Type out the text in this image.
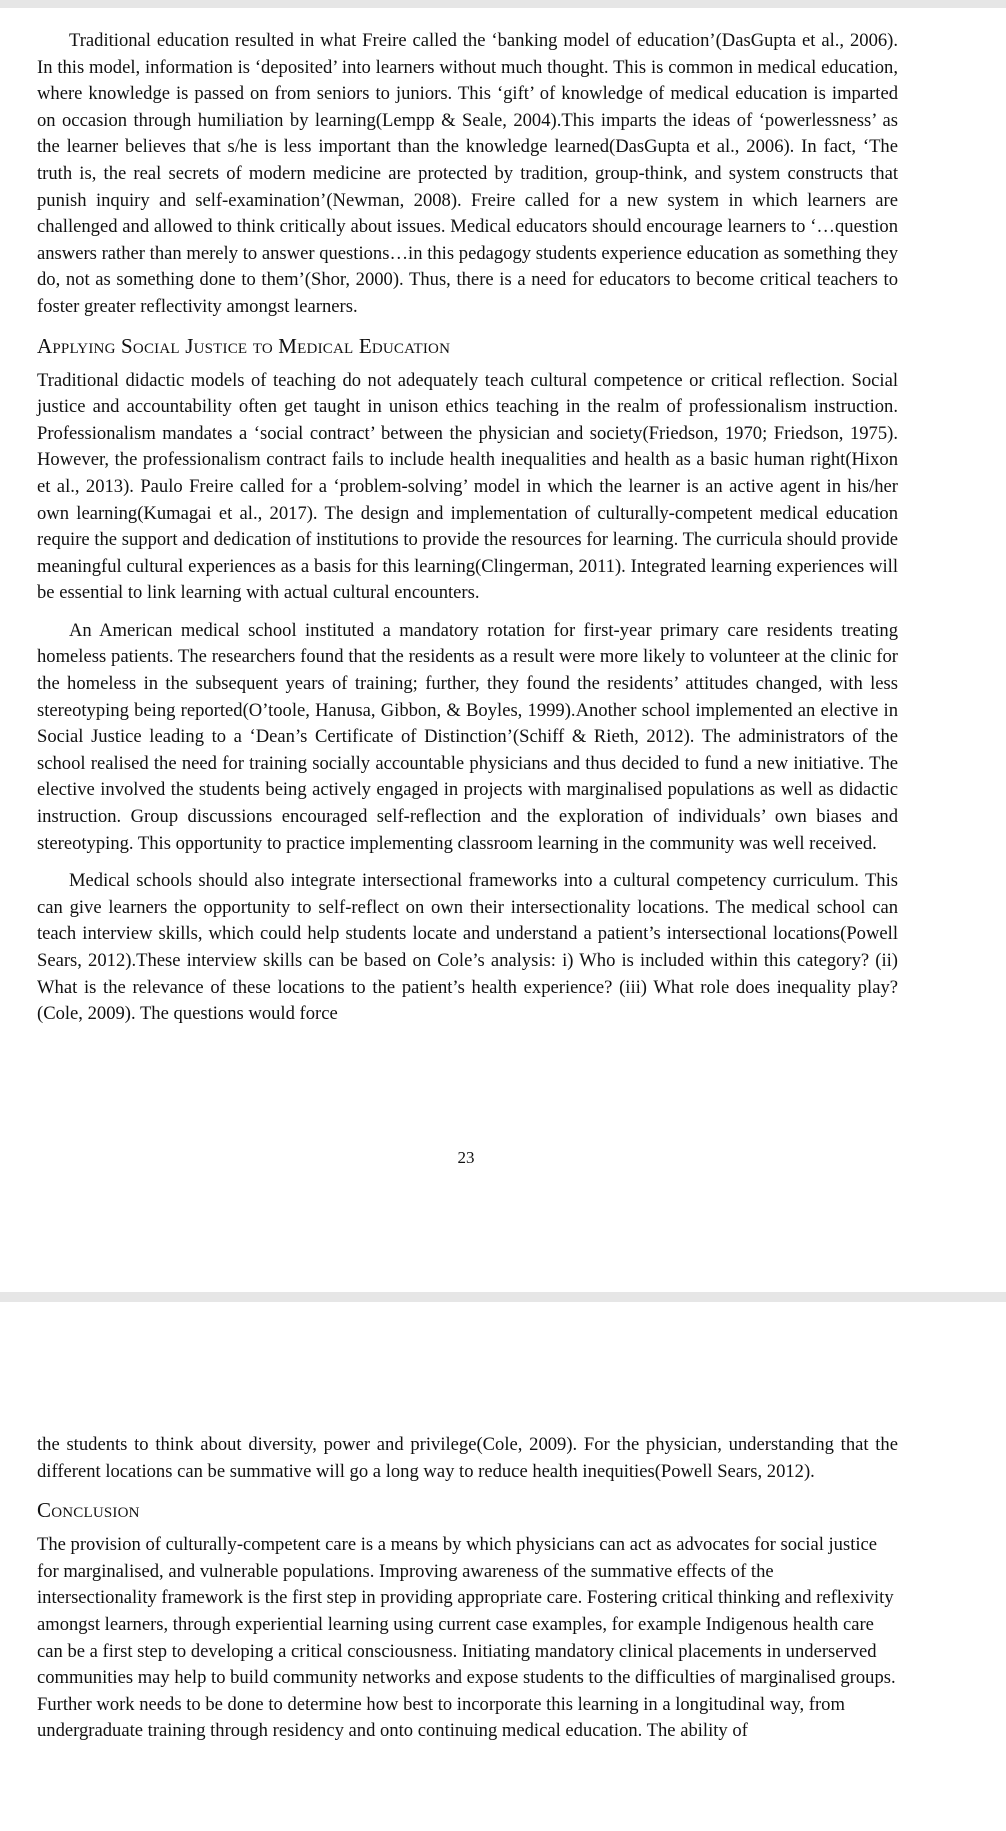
Traditional education resulted in what Freire called the ‘banking model of education’(DasGupta et al., 2006). In this model, information is ‘deposited’ into learners without much thought. This is common in medical education, where knowledge is passed on from seniors to juniors. This ‘gift’ of knowledge of medical education is imparted on occasion through humiliation by learning(Lempp & Seale, 2004).This imparts the ideas of ‘powerlessness’ as the learner believes that s/he is less important than the knowledge learned(DasGupta et al., 2006). In fact, ‘The truth is, the real secrets of modern medicine are protected by tradition, group-think, and system constructs that punish inquiry and self-examination’(Newman, 2008). Freire called for a new system in which learners are challenged and allowed to think critically about issues. Medical educators should encourage learners to ‘…question answers rather than merely to answer questions…in this pedagogy students experience education as something they do, not as something done to them’(Shor, 2000). Thus, there is a need for educators to become critical teachers to foster greater reflectivity amongst learners.

Applying Social Justice to Medical Education

Traditional didactic models of teaching do not adequately teach cultural competence or critical reflection. Social justice and accountability often get taught in unison ethics teaching in the realm of professionalism instruction. Professionalism mandates a ‘social contract’ between the physician and society(Friedson, 1970; Friedson, 1975). However, the professionalism contract fails to include health inequalities and health as a basic human right(Hixon et al., 2013). Paulo Freire called for a ‘problem-solving’ model in which the learner is an active agent in his/her own learning(Kumagai et al., 2017). The design and implementation of culturally-competent medical education require the support and dedication of institutions to provide the resources for learning. The curricula should provide meaningful cultural experiences as a basis for this learning(Clingerman, 2011). Integrated learning experiences will be essential to link learning with actual cultural encounters.

An American medical school instituted a mandatory rotation for first-year primary care residents treating homeless patients. The researchers found that the residents as a result were more likely to volunteer at the clinic for the homeless in the subsequent years of training; further, they found the residents’ attitudes changed, with less stereotyping being reported(O’toole, Hanusa, Gibbon, & Boyles, 1999).Another school implemented an elective in Social Justice leading to a ‘Dean’s Certificate of Distinction’(Schiff & Rieth, 2012). The administrators of the school realised the need for training socially accountable physicians and thus decided to fund a new initiative. The elective involved the students being actively engaged in projects with marginalised populations as well as didactic instruction. Group discussions encouraged self-reflection and the exploration of individuals’ own biases and stereotyping. This opportunity to practice implementing classroom learning in the community was well received.

Medical schools should also integrate intersectional frameworks into a cultural competency curriculum. This can give learners the opportunity to self-reflect on own their intersectionality locations. The medical school can teach interview skills, which could help students locate and understand a patient’s intersectional locations(Powell Sears, 2012).These interview skills can be based on Cole’s analysis: i) Who is included within this category? (ii) What is the relevance of these locations to the patient’s health experience? (iii) What role does inequality play?(Cole, 2009). The questions would force

23

the students to think about diversity, power and privilege(Cole, 2009). For the physician, understanding that the different locations can be summative will go a long way to reduce health inequities(Powell Sears, 2012).

Conclusion

The provision of culturally-competent care is a means by which physicians can act as advocates for social justice for marginalised, and vulnerable populations. Improving awareness of the summative effects of the intersectionality framework is the first step in providing appropriate care. Fostering critical thinking and reflexivity amongst learners, through experiential learning using current case examples, for example Indigenous health care can be a first step to developing a critical consciousness. Initiating mandatory clinical placements in underserved communities may help to build community networks and expose students to the difficulties of marginalised groups. Further work needs to be done to determine how best to incorporate this learning in a longitudinal way, from undergraduate training through residency and onto continuing medical education. The ability of
